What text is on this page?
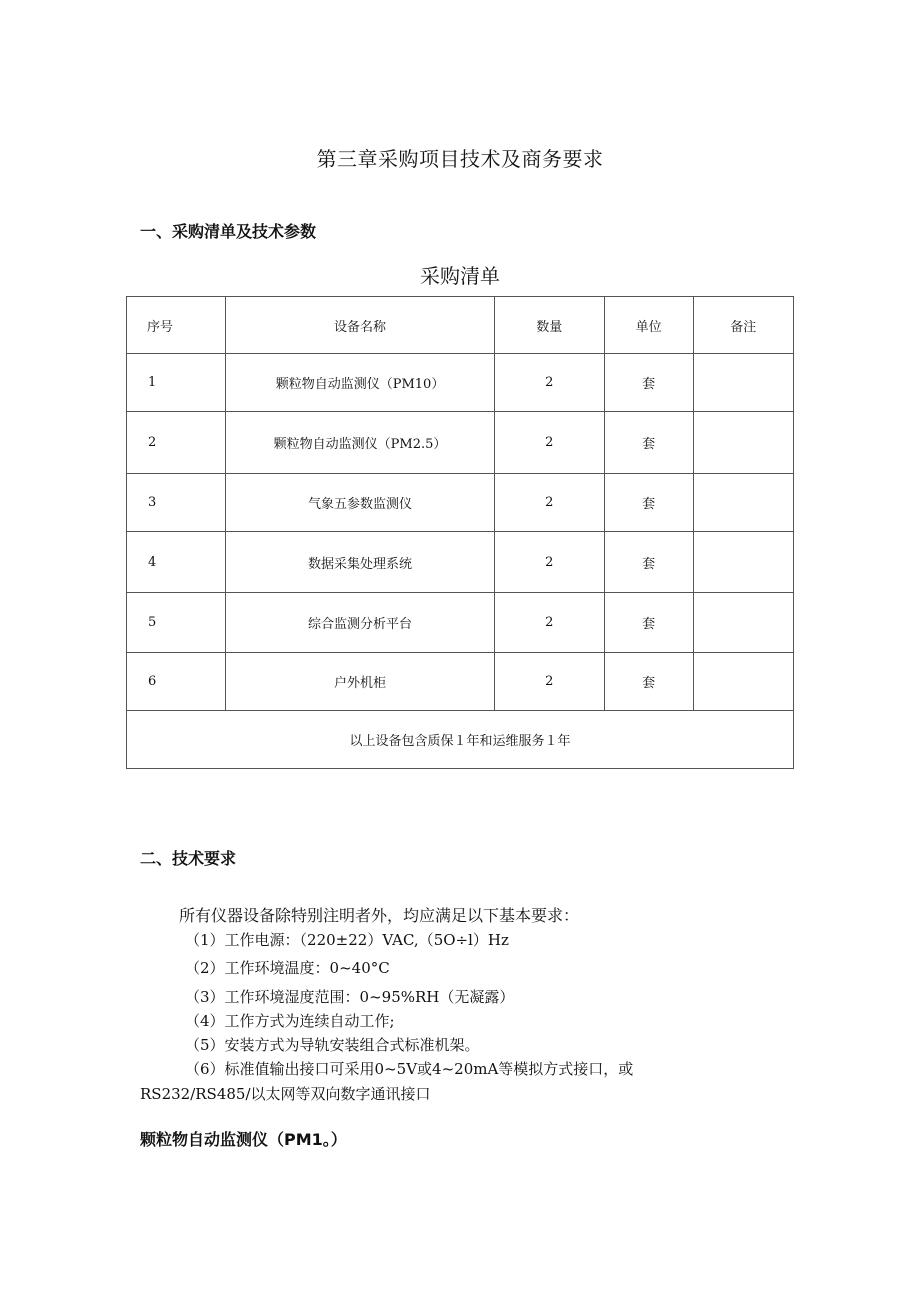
第三章采购项目技术及商务要求
一、采购清单及技术参数
采购清单
序号	设备名称	数量	单位	备注
1	颗粒物自动监测仪（PM10）	2	套	
2	颗粒物自动监测仪（PM2.5）	2	套	
3	气象五参数监测仪	2	套	
4	数据采集处理系统	2	套	
5	综合监测分析平台	2	套	
6	户外机柜	2	套	
以上设备包含质保１年和运维服务１年				
二、技术要求
所有仪器设备除特别注明者外，均应满足以下基本要求：
（1）工作电源：（220±22）VAC,（5O÷l）Hz
（2）工作环境温度：0~40°C
（3）工作环境湿度范围：0~95%RH（无凝露）
（4）工作方式为连续自动工作;
（5）安装方式为导轨安装组合式标准机架。
（6）标准值输出接口可采用0~5V或4~20mA等模拟方式接口，或
RS232/RS485/以太网等双向数字通讯接口
颗粒物自动监测仪（PM1。）
